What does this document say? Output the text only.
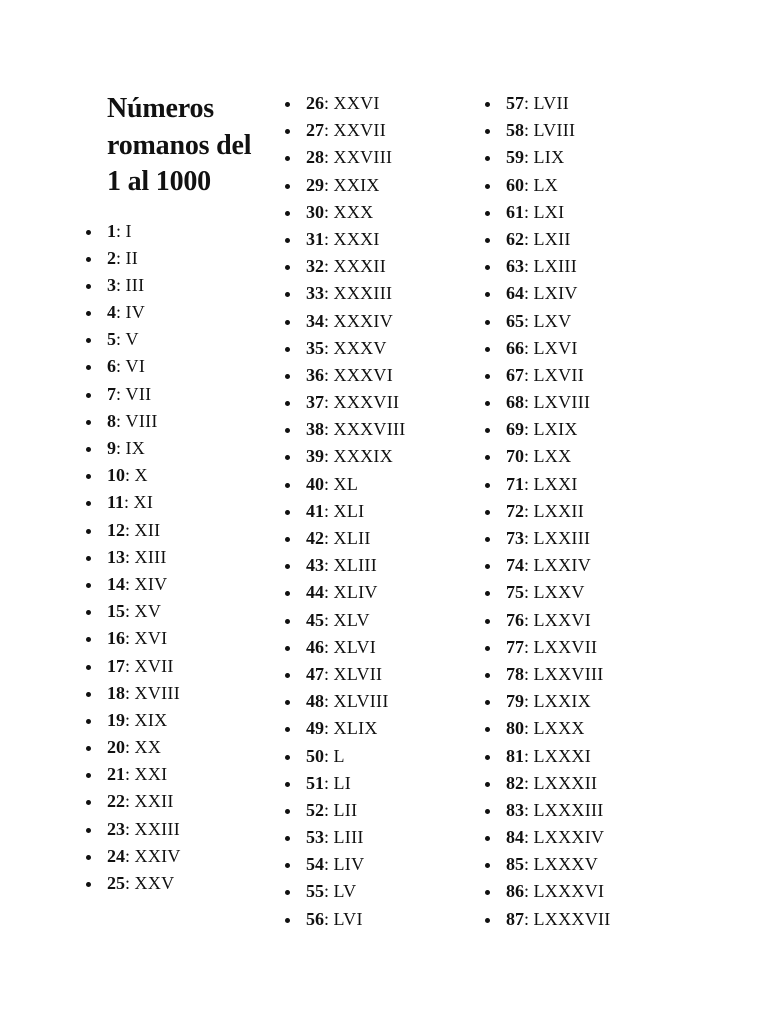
Números romanos del 1 al 1000
1: I
2: II
3: III
4: IV
5: V
6: VI
7: VII
8: VIII
9: IX
10: X
11: XI
12: XII
13: XIII
14: XIV
15: XV
16: XVI
17: XVII
18: XVIII
19: XIX
20: XX
21: XXI
22: XXII
23: XXIII
24: XXIV
25: XXV
26: XXVI
27: XXVII
28: XXVIII
29: XXIX
30: XXX
31: XXXI
32: XXXII
33: XXXIII
34: XXXIV
35: XXXV
36: XXXVI
37: XXXVII
38: XXXVIII
39: XXXIX
40: XL
41: XLI
42: XLII
43: XLIII
44: XLIV
45: XLV
46: XLVI
47: XLVII
48: XLVIII
49: XLIX
50: L
51: LI
52: LII
53: LIII
54: LIV
55: LV
56: LVI
57: LVII
58: LVIII
59: LIX
60: LX
61: LXI
62: LXII
63: LXIII
64: LXIV
65: LXV
66: LXVI
67: LXVII
68: LXVIII
69: LXIX
70: LXX
71: LXXI
72: LXXII
73: LXXIII
74: LXXIV
75: LXXV
76: LXXVI
77: LXXVII
78: LXXVIII
79: LXXIX
80: LXXX
81: LXXXI
82: LXXXII
83: LXXXIII
84: LXXXIV
85: LXXXV
86: LXXXVI
87: LXXXVII
